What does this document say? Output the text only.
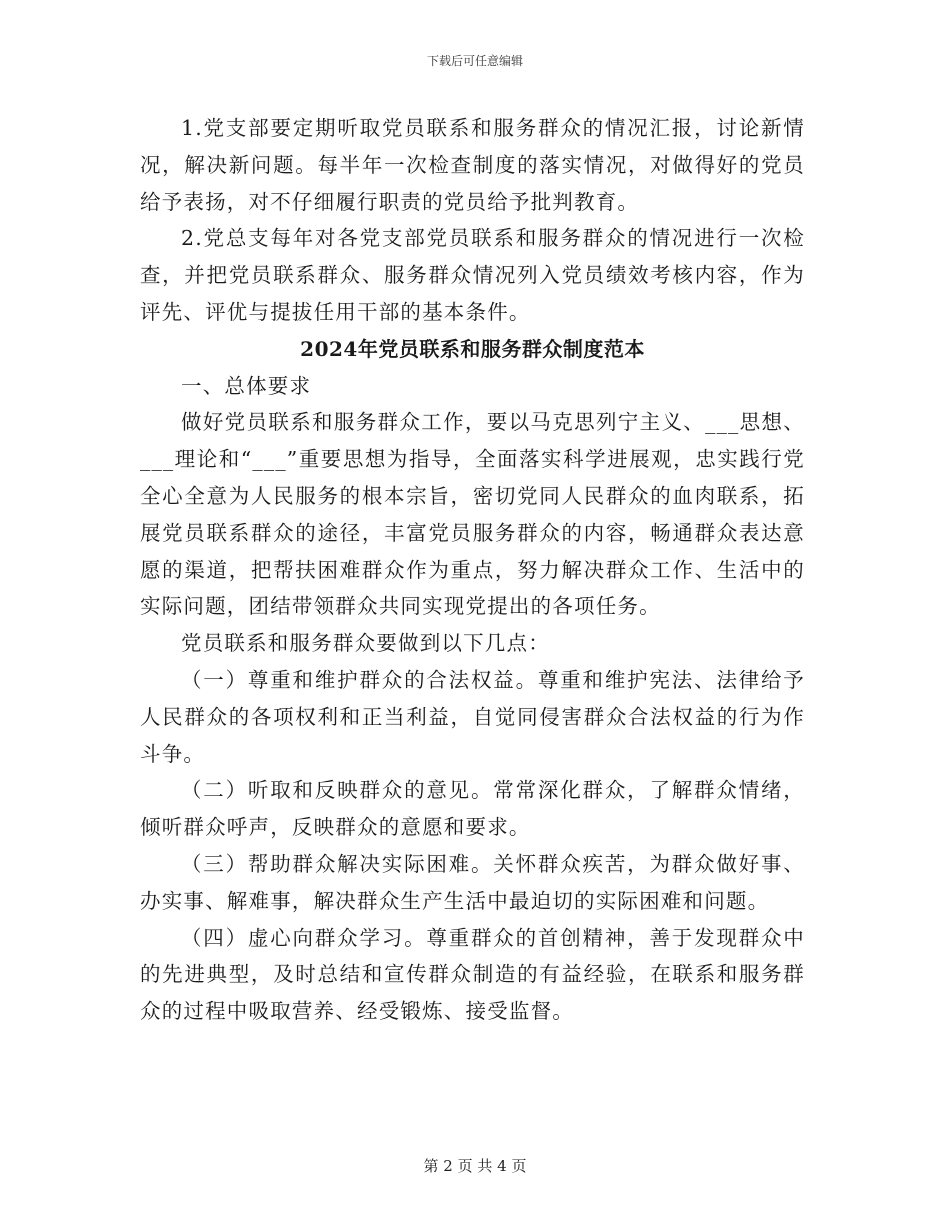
下载后可任意编辑

1.党支部要定期听取党员联系和服务群众的情况汇报，讨论新情况，解决新问题。每半年一次检查制度的落实情况，对做得好的党员给予表扬，对不仔细履行职责的党员给予批判教育。

2.党总支每年对各党支部党员联系和服务群众的情况进行一次检查，并把党员联系群众、服务群众情况列入党员绩效考核内容，作为评先、评优与提拔任用干部的基本条件。

2024年党员联系和服务群众制度范本

一、总体要求

做好党员联系和服务群众工作，要以马克思列宁主义、___思想、___理论和“___”重要思想为指导，全面落实科学进展观，忠实践行党全心全意为人民服务的根本宗旨，密切党同人民群众的血肉联系，拓展党员联系群众的途径，丰富党员服务群众的内容，畅通群众表达意愿的渠道，把帮扶困难群众作为重点，努力解决群众工作、生活中的实际问题，团结带领群众共同实现党提出的各项任务。

党员联系和服务群众要做到以下几点：

（一）尊重和维护群众的合法权益。尊重和维护宪法、法律给予人民群众的各项权利和正当利益，自觉同侵害群众合法权益的行为作斗争。

（二）听取和反映群众的意见。常常深化群众，了解群众情绪，倾听群众呼声，反映群众的意愿和要求。

（三）帮助群众解决实际困难。关怀群众疾苦，为群众做好事、办实事、解难事，解决群众生产生活中最迫切的实际困难和问题。

（四）虚心向群众学习。尊重群众的首创精神，善于发现群众中的先进典型，及时总结和宣传群众制造的有益经验，在联系和服务群众的过程中吸取营养、经受锻炼、接受监督。

第 2 页 共 4 页
